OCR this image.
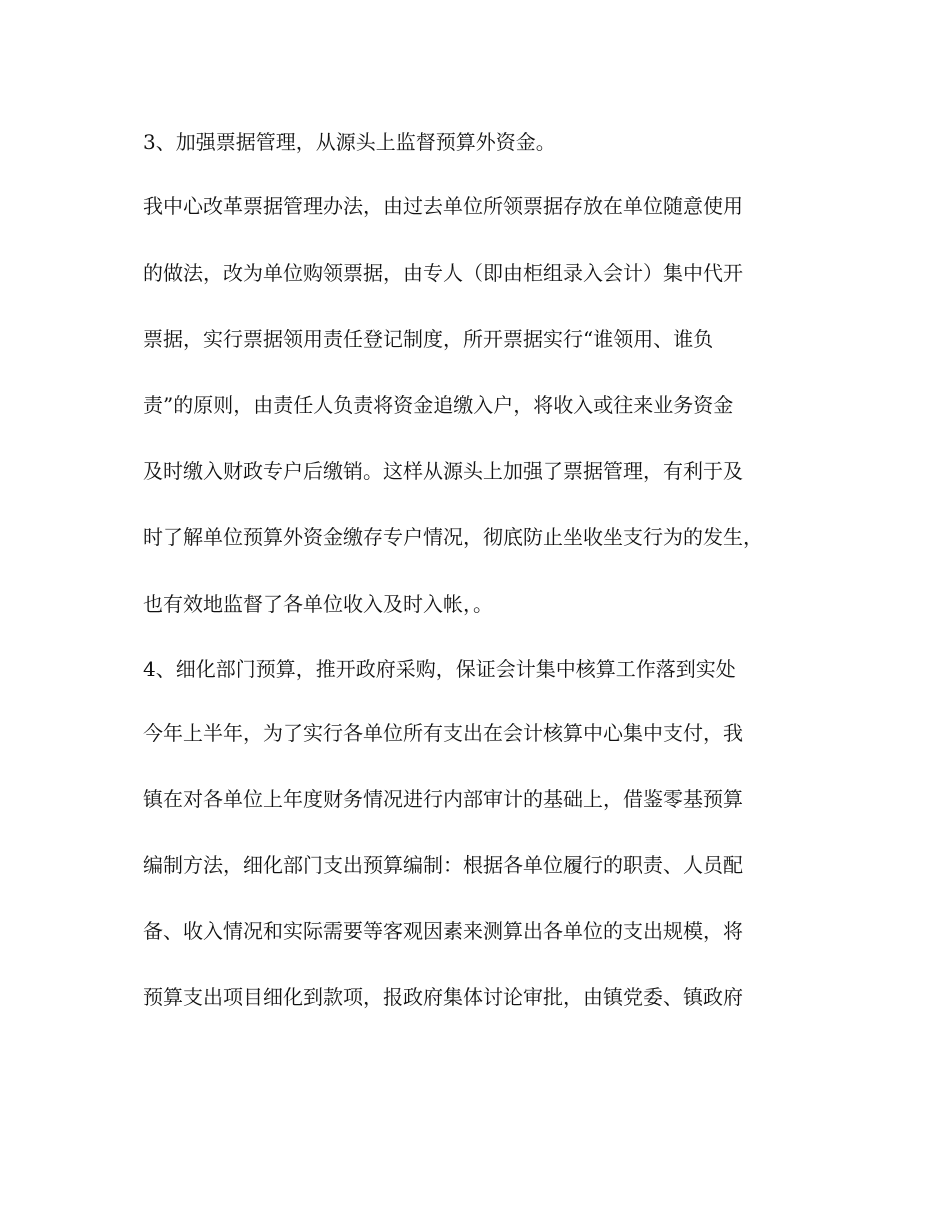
3、加强票据管理，从源头上监督预算外资金。

我中心改革票据管理办法，由过去单位所领票据存放在单位随意使用

的做法，改为单位购领票据，由专人（即由柜组录入会计）集中代开

票据，实行票据领用责任登记制度，所开票据实行“谁领用、谁负

责”的原则，由责任人负责将资金追缴入户，将收入或往来业务资金

及时缴入财政专户后缴销。这样从源头上加强了票据管理，有利于及

时了解单位预算外资金缴存专户情况，彻底防止坐收坐支行为的发生，

也有效地监督了各单位收入及时入帐，。

4、细化部门预算，推开政府采购，保证会计集中核算工作落到实处

今年上半年，为了实行各单位所有支出在会计核算中心集中支付，我

镇在对各单位上年度财务情况进行内部审计的基础上，借鉴零基预算

编制方法，细化部门支出预算编制：根据各单位履行的职责、人员配

备、收入情况和实际需要等客观因素来测算出各单位的支出规模，将

预算支出项目细化到款项，报政府集体讨论审批，由镇党委、镇政府
